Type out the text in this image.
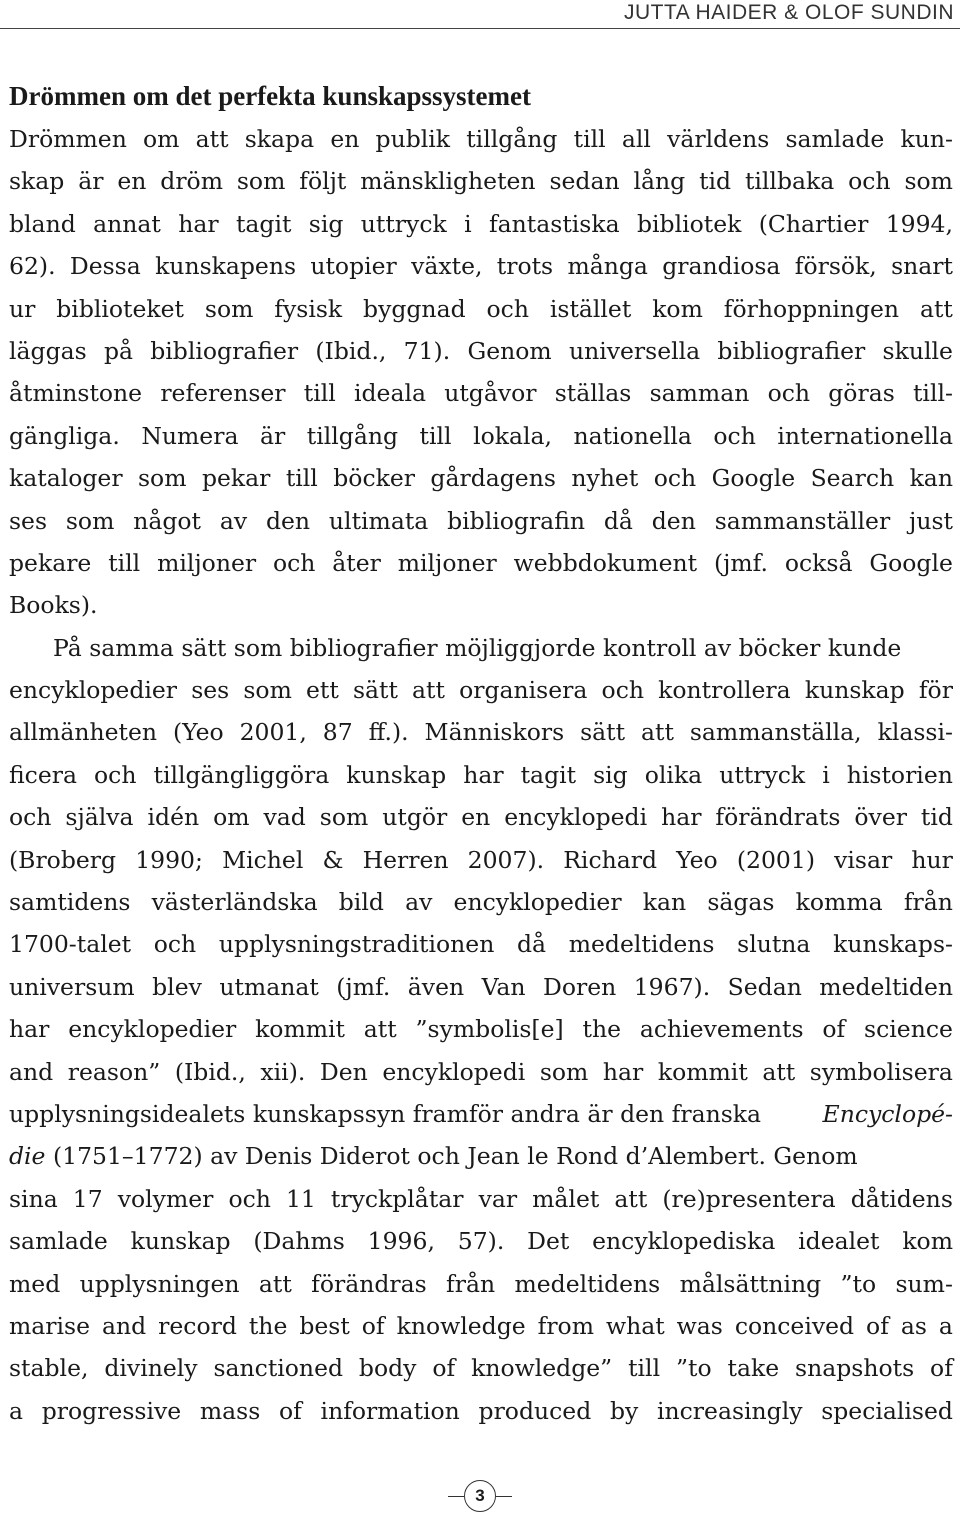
JUTTA HAIDER & OLOF SUNDIN
Drömmen om det perfekta kunskapssystemet
Drömmen om att skapa en publik tillgång till all världens samlade kun-
skap är en dröm som följt mänskligheten sedan lång tid tillbaka och som
bland annat har tagit sig uttryck i fantastiska bibliotek (Chartier 1994,
62). Dessa kunskapens utopier växte, trots många grandiosa försök, snart
ur biblioteket som fysisk byggnad och istället kom förhoppningen att
läggas på bibliografier (Ibid., 71). Genom universella bibliografier skulle
åtminstone referenser till ideala utgåvor ställas samman och göras till-
gängliga. Numera är tillgång till lokala, nationella och internationella
kataloger som pekar till böcker gårdagens nyhet och Google Search kan
ses som något av den ultimata bibliografin då den sammanställer just
pekare till miljoner och åter miljoner webbdokument (jmf. också Google
Books).
På samma sätt som bibliografier möjliggjorde kontroll av böcker kunde
encyklopedier ses som ett sätt att organisera och kontrollera kunskap för
allmänheten (Yeo 2001, 87 ff.). Människors sätt att sammanställa, klassi-
ficera och tillgängliggöra kunskap har tagit sig olika uttryck i historien
och själva idén om vad som utgör en encyklopedi har förändrats över tid
(Broberg 1990; Michel & Herren 2007). Richard Yeo (2001) visar hur
samtidens västerländska bild av encyklopedier kan sägas komma från
1700-talet och upplysningstraditionen då medeltidens slutna kunskaps-
universum blev utmanat (jmf. även Van Doren 1967). Sedan medeltiden
har encyklopedier kommit att ”symbolis[e] the achievements of science
and reason” (Ibid., xii). Den encyklopedi som har kommit att symbolisera
upplysningsidealets kunskapssyn framför andra är den franska	Encyclopé-
die (1751–1772) av Denis Diderot och Jean le Rond d’Alembert. Genom
sina 17 volymer och 11 tryckplåtar var målet att (re)presentera dåtidens
samlade kunskap (Dahms 1996, 57). Det encyklopediska idealet kom
med upplysningen att förändras från medeltidens målsättning ”to sum-
marise and record the best of knowledge from what was conceived of as a
stable, divinely sanctioned body of knowledge” till ”to take snapshots of
a progressive mass of information produced by increasingly specialised
3
